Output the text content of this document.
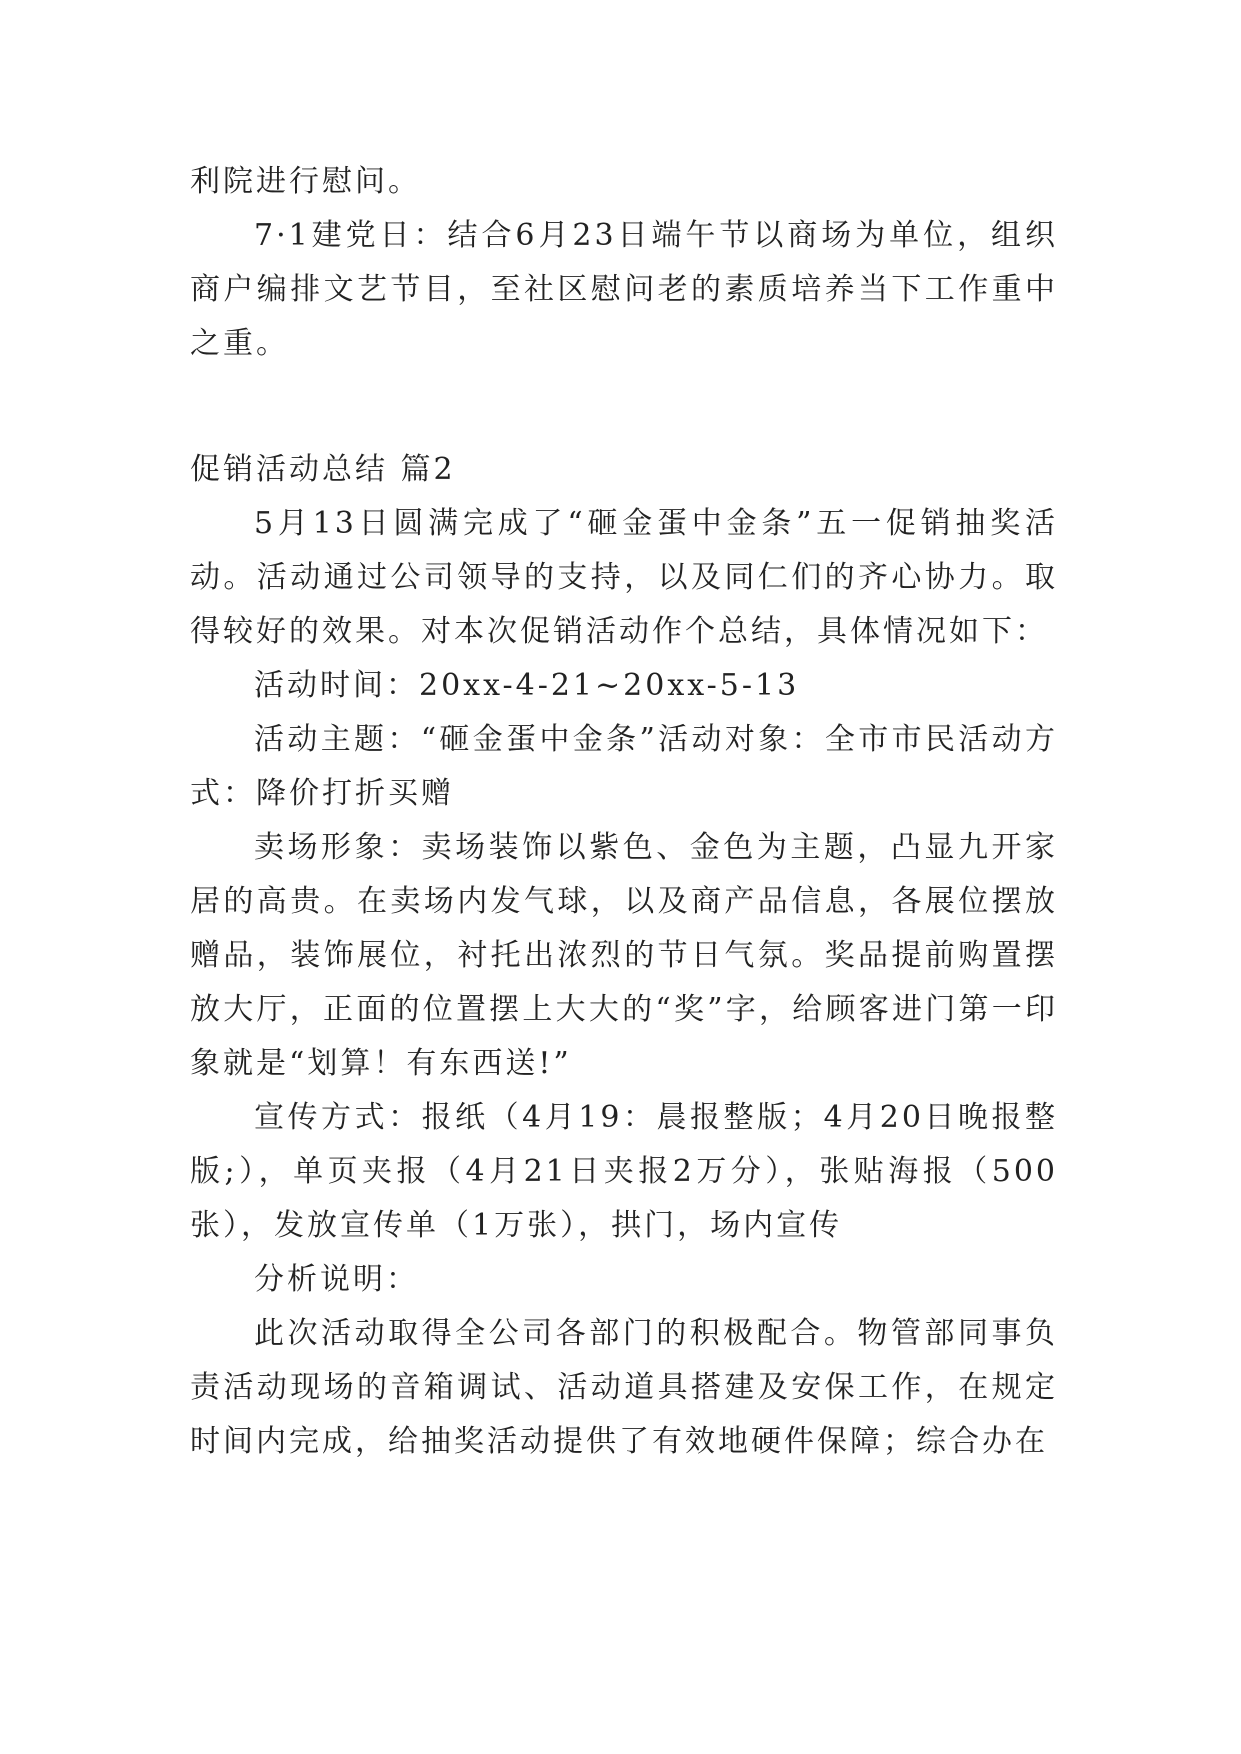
利院进行慰问。

7·1建党日：结合6月23日端午节以商场为单位，组织商户编排文艺节目，至社区慰问老的素质培养当下工作重中之重。

促销活动总结 篇2

5月13日圆满完成了“砸金蛋中金条”五一促销抽奖活动。活动通过公司领导的支持，以及同仁们的齐心协力。取得较好的效果。对本次促销活动作个总结，具体情况如下：

活动时间：20xx-4-21~20xx-5-13

活动主题：“砸金蛋中金条”活动对象：全市市民活动方式：降价打折买赠

卖场形象：卖场装饰以紫色、金色为主题，凸显九开家居的高贵。在卖场内发气球，以及商产品信息，各展位摆放赠品，装饰展位，衬托出浓烈的节日气氛。奖品提前购置摆放大厅，正面的位置摆上大大的“奖”字，给顾客进门第一印象就是“划算！有东西送!”

宣传方式：报纸（4月19：晨报整版；4月20日晚报整版;），单页夹报（4月21日夹报2万分），张贴海报（500张），发放宣传单（1万张），拱门，场内宣传

分析说明：

此次活动取得全公司各部门的积极配合。物管部同事负责活动现场的音箱调试、活动道具搭建及安保工作，在规定时间内完成，给抽奖活动提供了有效地硬件保障；综合办在
